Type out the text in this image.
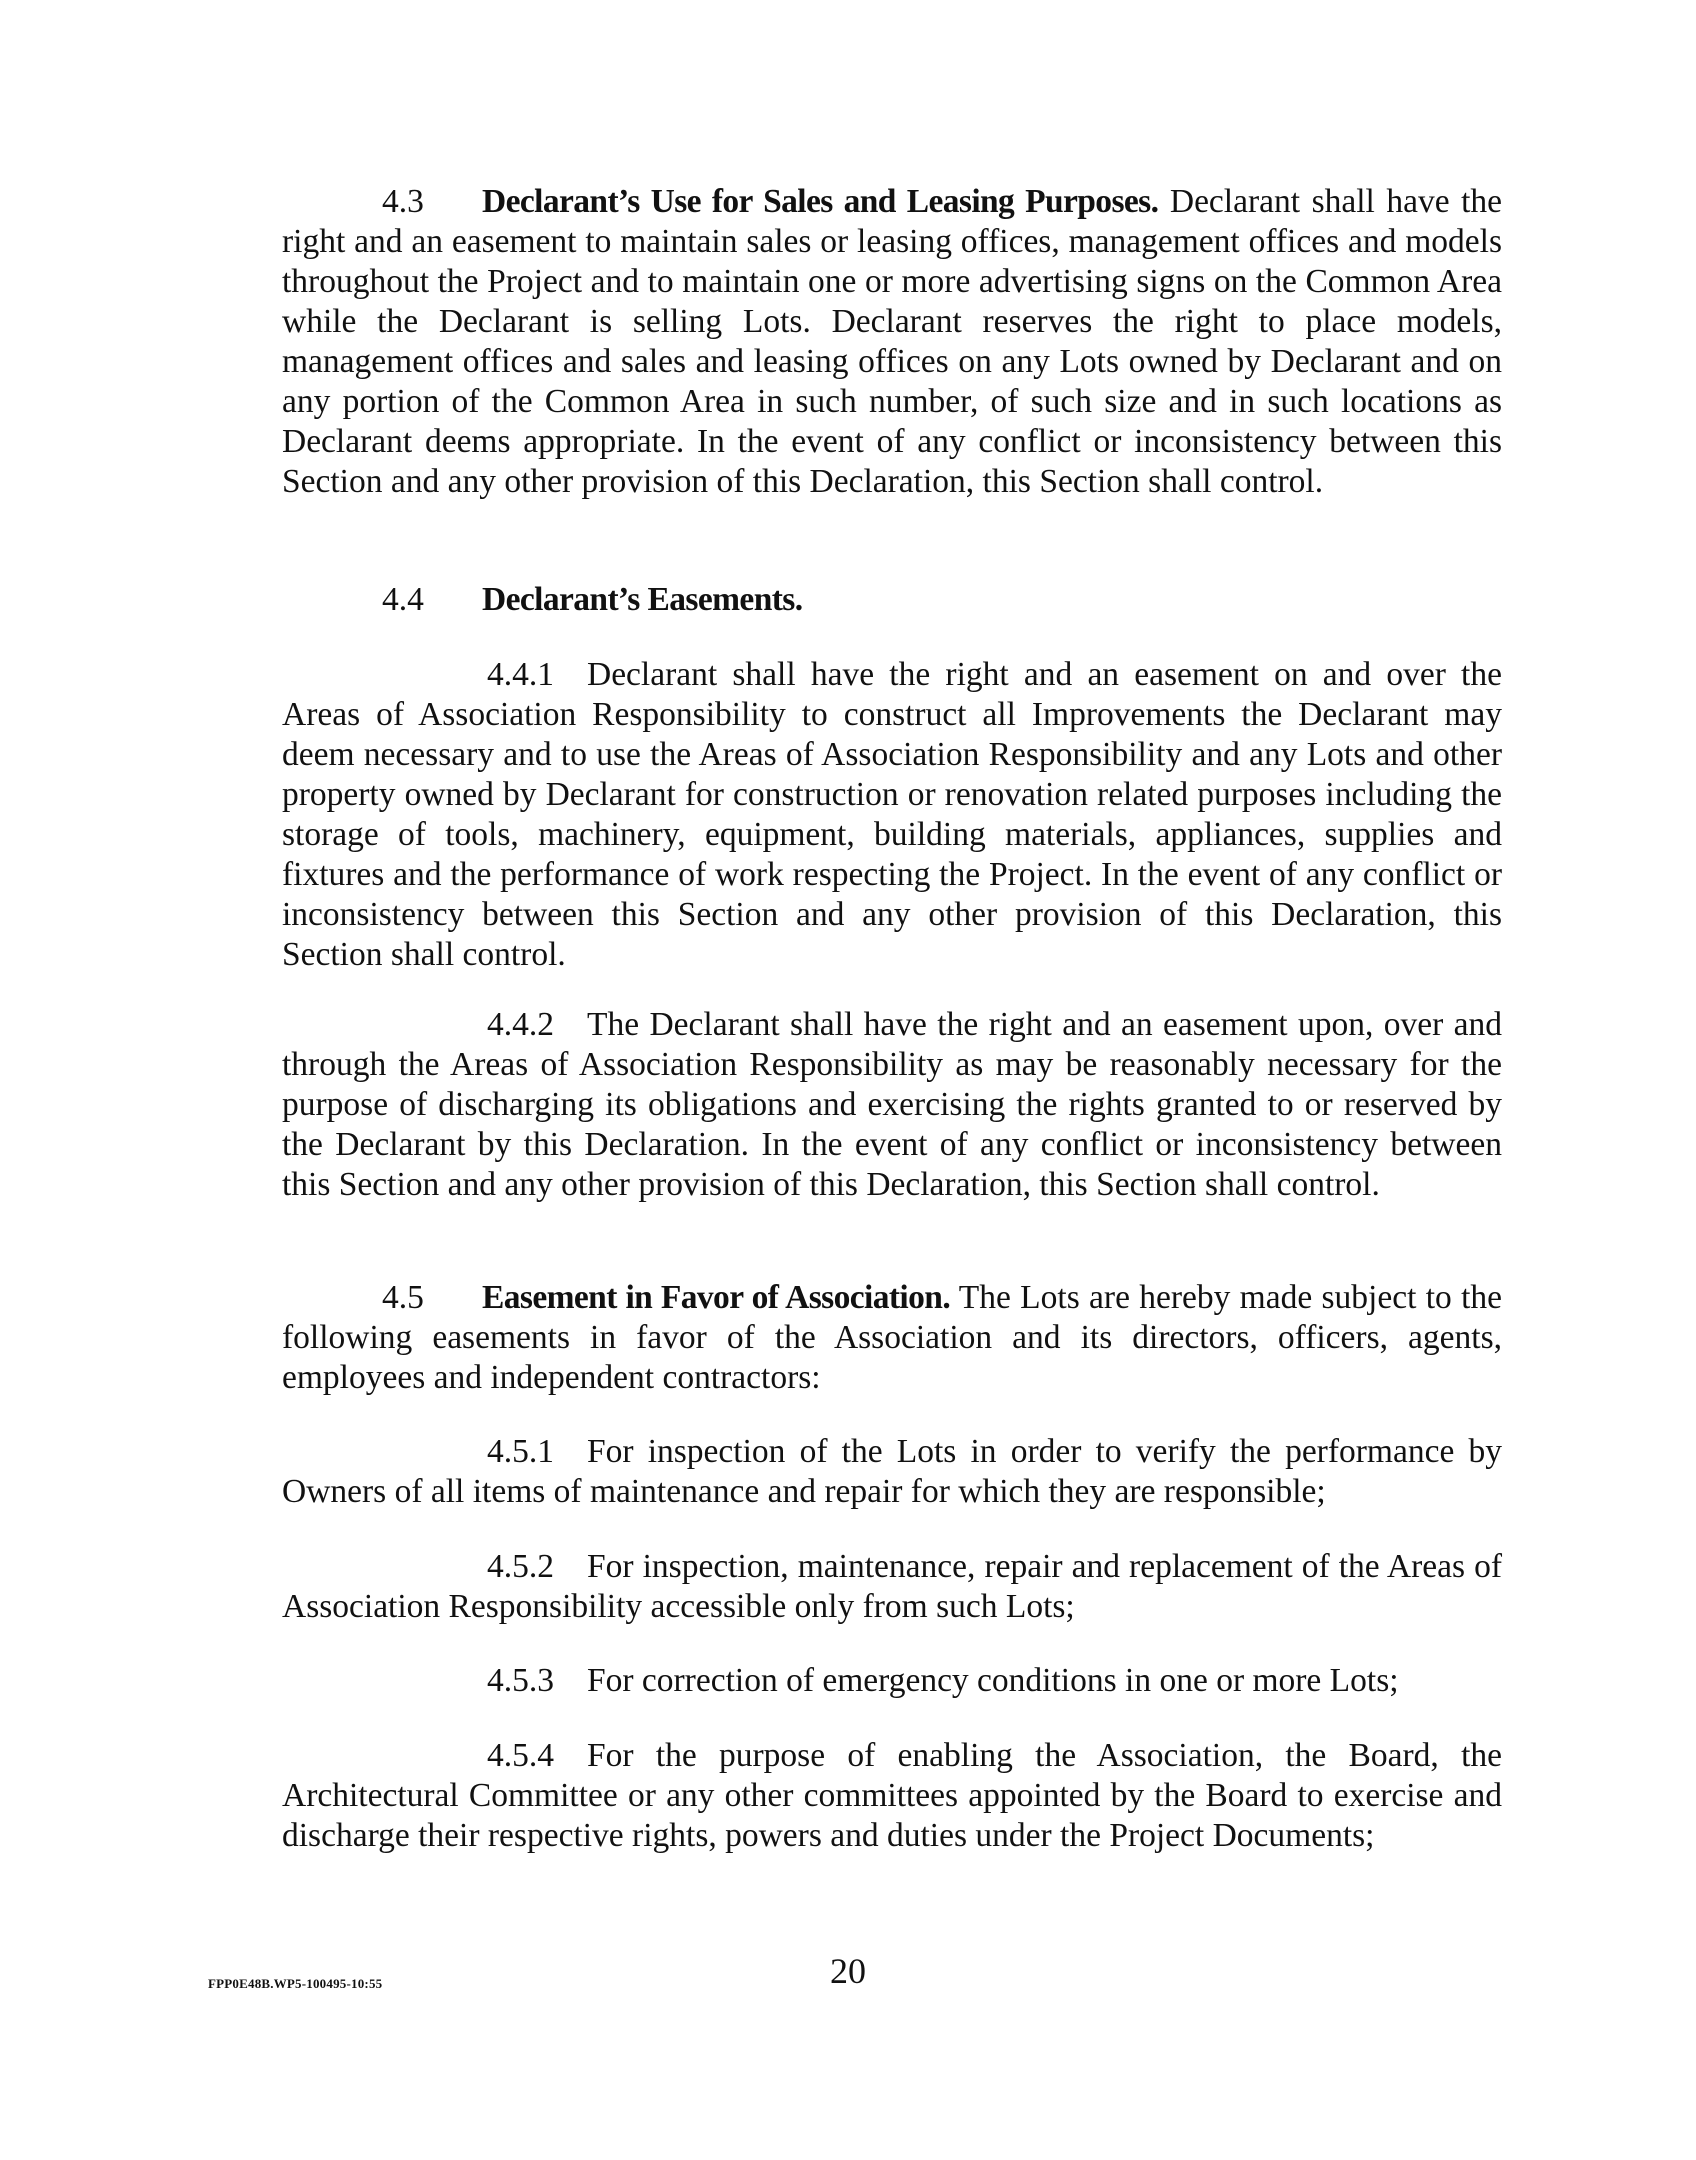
4.3 Declarant’s Use for Sales and Leasing Purposes. Declarant shall have the right and an easement to maintain sales or leasing offices, management offices and models throughout the Project and to maintain one or more advertising signs on the Common Area while the Declarant is selling Lots. Declarant reserves the right to place models, management offices and sales and leasing offices on any Lots owned by Declarant and on any portion of the Common Area in such number, of such size and in such locations as Declarant deems appropriate. In the event of any conflict or inconsistency between this Section and any other provision of this Declaration, this Section shall control.

4.4 Declarant’s Easements.

4.4.1 Declarant shall have the right and an easement on and over the Areas of Association Responsibility to construct all Improvements the Declarant may deem necessary and to use the Areas of Association Responsibility and any Lots and other property owned by Declarant for construction or renovation related purposes including the storage of tools, machinery, equipment, building materials, appliances, supplies and fixtures and the performance of work respecting the Project. In the event of any conflict or inconsistency between this Section and any other provision of this Declaration, this Section shall control.

4.4.2 The Declarant shall have the right and an easement upon, over and through the Areas of Association Responsibility as may be reasonably necessary for the purpose of discharging its obligations and exercising the rights granted to or reserved by the Declarant by this Declaration. In the event of any conflict or inconsistency between this Section and any other provision of this Declaration, this Section shall control.

4.5 Easement in Favor of Association. The Lots are hereby made subject to the following easements in favor of the Association and its directors, officers, agents, employees and independent contractors:

4.5.1 For inspection of the Lots in order to verify the performance by Owners of all items of maintenance and repair for which they are responsible;

4.5.2 For inspection, maintenance, repair and replacement of the Areas of Association Responsibility accessible only from such Lots;

4.5.3 For correction of emergency conditions in one or more Lots;

4.5.4 For the purpose of enabling the Association, the Board, the Architectural Committee or any other committees appointed by the Board to exercise and discharge their respective rights, powers and duties under the Project Documents;

FPP0E48B.WP5-100495-10:55	20
